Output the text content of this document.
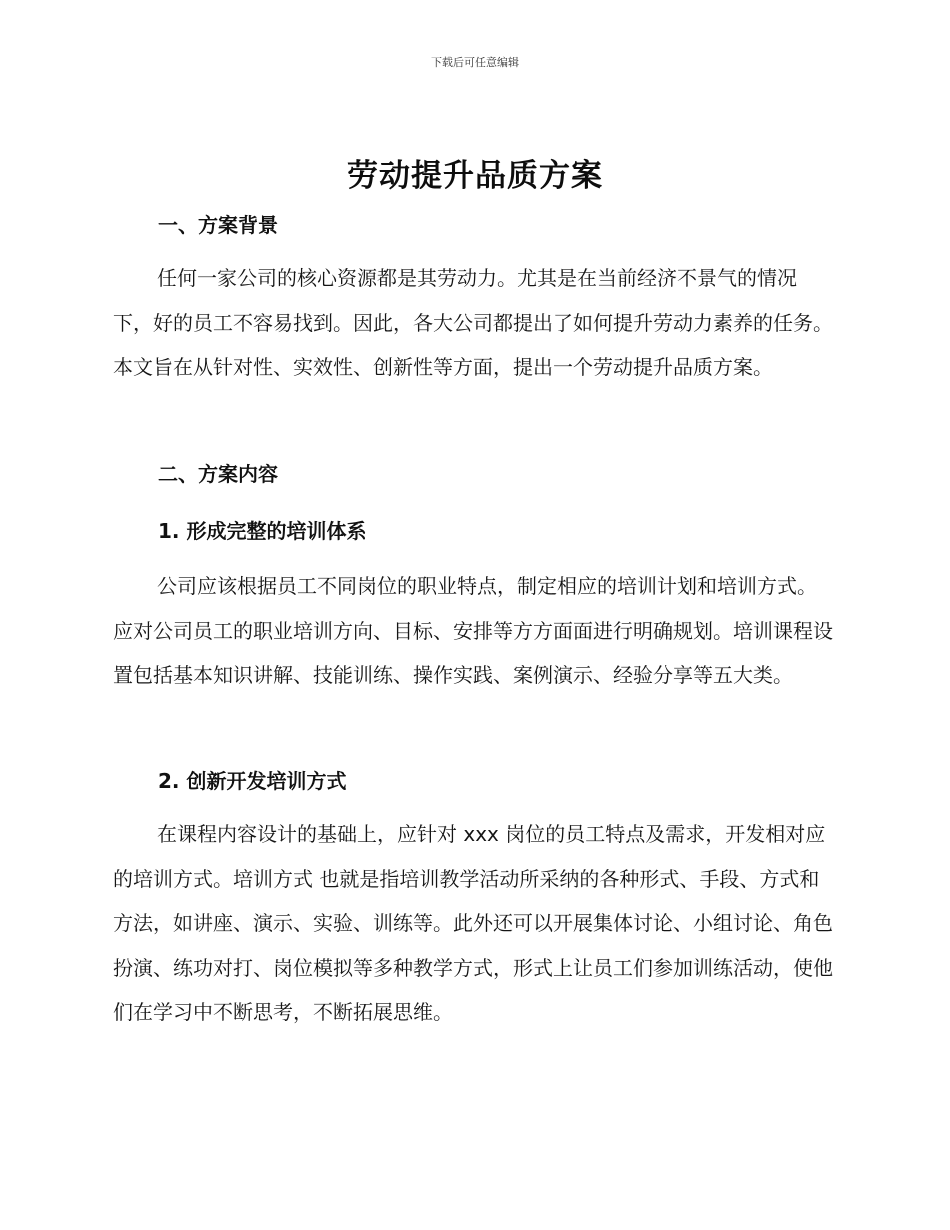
下载后可任意编辑
劳动提升品质方案
一、方案背景

任何一家公司的核心资源都是其劳动力。尤其是在当前经济不景气的情况下，好的员工不容易找到。因此，各大公司都提出了如何提升劳动力素养的任务。本文旨在从针对性、实效性、创新性等方面，提出一个劳动提升品质方案。

二、方案内容
1. 形成完整的培训体系

公司应该根据员工不同岗位的职业特点，制定相应的培训计划和培训方式。应对公司员工的职业培训方向、目标、安排等方方面面进行明确规划。培训课程设置包括基本知识讲解、技能训练、操作实践、案例演示、经验分享等五大类。

2. 创新开发培训方式

在课程内容设计的基础上，应针对 xxx 岗位的员工特点及需求，开发相对应的培训方式。培训方式 也就是指培训教学活动所采纳的各种形式、手段、方式和方法，如讲座、演示、实验、训练等。此外还可以开展集体讨论、小组讨论、角色扮演、练功对打、岗位模拟等多种教学方式，形式上让员工们参加训练活动，使他们在学习中不断思考，不断拓展思维。
